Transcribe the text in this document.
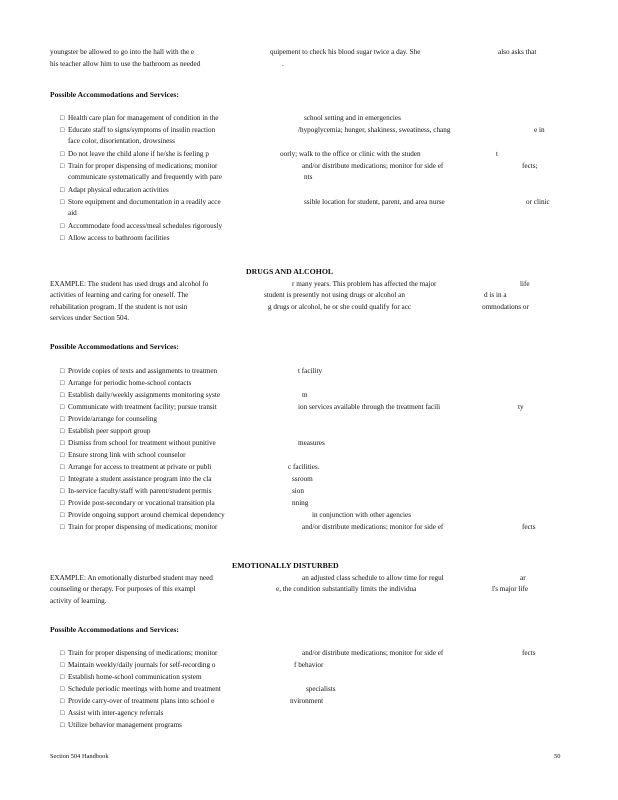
youngster be allowed to go into the hall with the e	quipement to check his blood sugar twice a day. She	also asks that
his teacher allow him to use the bathroom as needed	.
Possible Accommodations and Services:
□ Health care plan for management of condition in the	school setting and in emergencies
□ Educate staff to signs/symptoms of insulin reaction	/hypoglycemia; hunger, shakiness, sweatiness, chang	e in
face color, disorientation, drowsiness
□ Do not leave the child alone if he/she is feeling p	oorly; walk to the office or clinic with the studen	t
□ Train for proper dispensing of medications; monitor	and/or distribute medications; monitor for side ef	fects;
communicate systematically and frequently with pare	nts
□ Adapt physical education activities
□ Store equipment and documentation in a readily acce	ssible location for student, parent, and area nurse	or clinic
aid
□ Accommodate food access/meal schedules rigorously
□ Allow access to bathroom facilities
DRUGS AND ALCOHOL
EXAMPLE: The student has used drugs and alcohol fo	r many years. This problem has affected the major	life
activities of learning and caring for oneself. The	student is presently not using drugs or alcohol an	d is in a
rehabilitation program. If the student is not usin	g drugs or alcohol, he or she could qualify for acc	ommodations or
services under Section 504.
Possible Accommodations and Services:
□ Provide copies of texts and assignments to treatmen	t facility
□ Arrange for periodic home-school contacts
□ Establish daily/weekly assignments monitoring syste	m
□ Communicate with treatment facility; pursue transit	ion services available through the treatment facili	ty
□ Provide/arrange for counseling
□ Establish peer support group
□ Dismiss from school for treatment without punitive	measures
□ Ensure strong link with school counselor
□ Arrange for access to treatment at private or publi	c facilities.
□ Integrate a student assistance program into the cla	ssroom
□ In-service faculty/staff with parent/student permis	sion
□ Provide post-secondary or vocational transition pla	nning
□ Provide ongoing support around chemical dependency	in conjunction with other agencies
□ Train for proper dispensing of medications; monitor	and/or distribute medications; monitor for side ef	fects
EMOTIONALLY DISTURBED
EXAMPLE: An emotionally disturbed student may need	an adjusted class schedule to allow time for regul	ar
counseling or therapy. For purposes of this exampl	e, the condition substantially limits the individua	l's major life
activity of learning.
Possible Accommodations and Services:
□ Train for proper dispensing of medications; monitor	and/or distribute medications; monitor for side ef	fects
□ Maintain weekly/daily journals for self-recording o	f behavior
□ Establish home-school communication system
□ Schedule periodic meetings with home and treatment	specialists
□ Provide carry-over of treatment plans into school e	nvironment
□ Assist with inter-agency referrals
□ Utilize behavior management programs
Section 504 Handbook	50
